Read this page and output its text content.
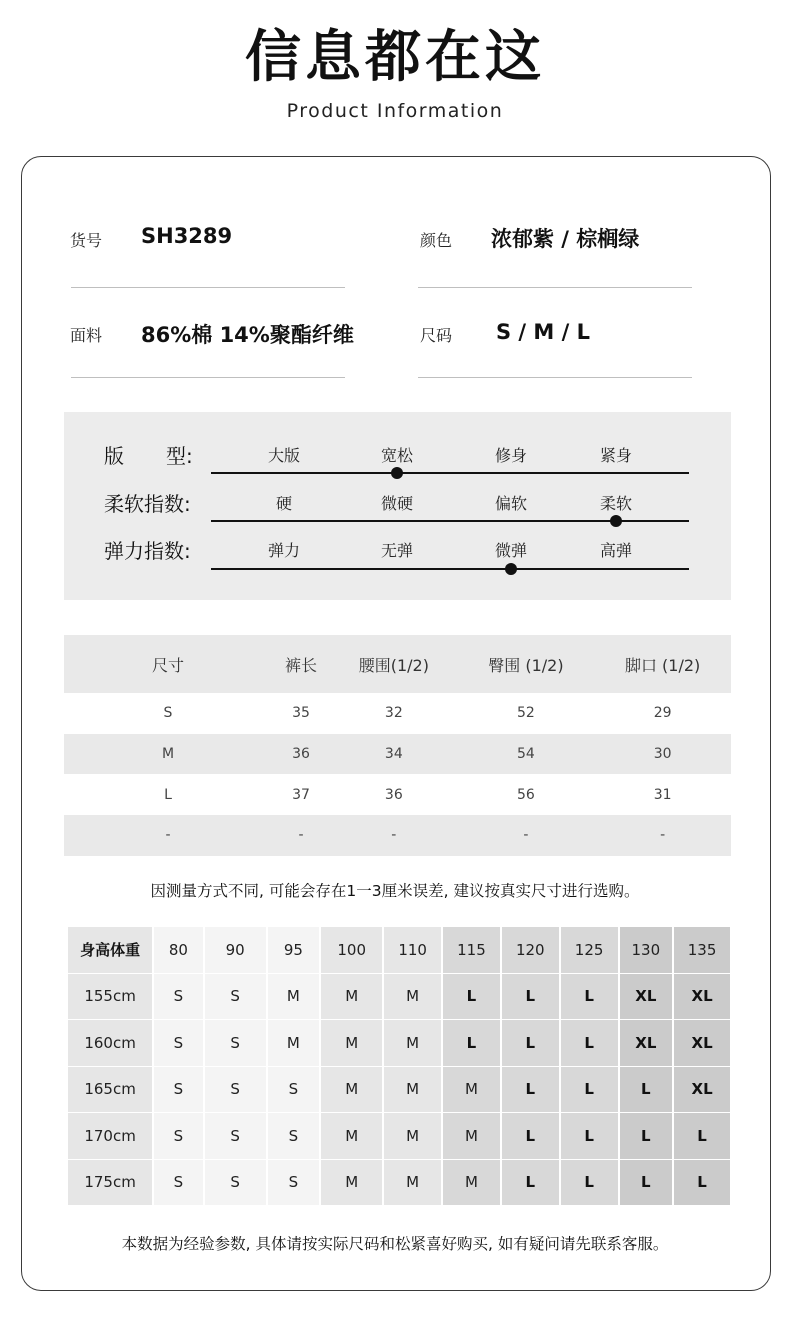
信息都在这
Product Information
货号 SH3289	颜色 浓郁紫 / 棕榈绿
面料 86%棉 14%聚酯纤维	尺码 S / M / L
版 型:	大版	宽松	修身	紧身
柔软指数:	硬	微硬	偏软	柔软
弹力指数:	弹力	无弹	微弹	高弹
尺寸	裤长	腰围(1/2)	臀围 (1/2)	脚口 (1/2)
S	35	32	52	29
M	36	34	54	30
L	37	36	56	31
-	-	-	-	-
因测量方式不同, 可能会存在1一3厘米误差, 建议按真实尺寸进行选购。
身高体重	80	90	95	100	110	115	120	125	130	135
155cm	S	S	M	M	M	L	L	L	XL	XL
160cm	S	S	M	M	M	L	L	L	XL	XL
165cm	S	S	S	M	M	M	L	L	L	XL
170cm	S	S	S	M	M	M	L	L	L	L
175cm	S	S	S	M	M	M	L	L	L	L
本数据为经验参数, 具体请按实际尺码和松紧喜好购买, 如有疑问请先联系客服。
